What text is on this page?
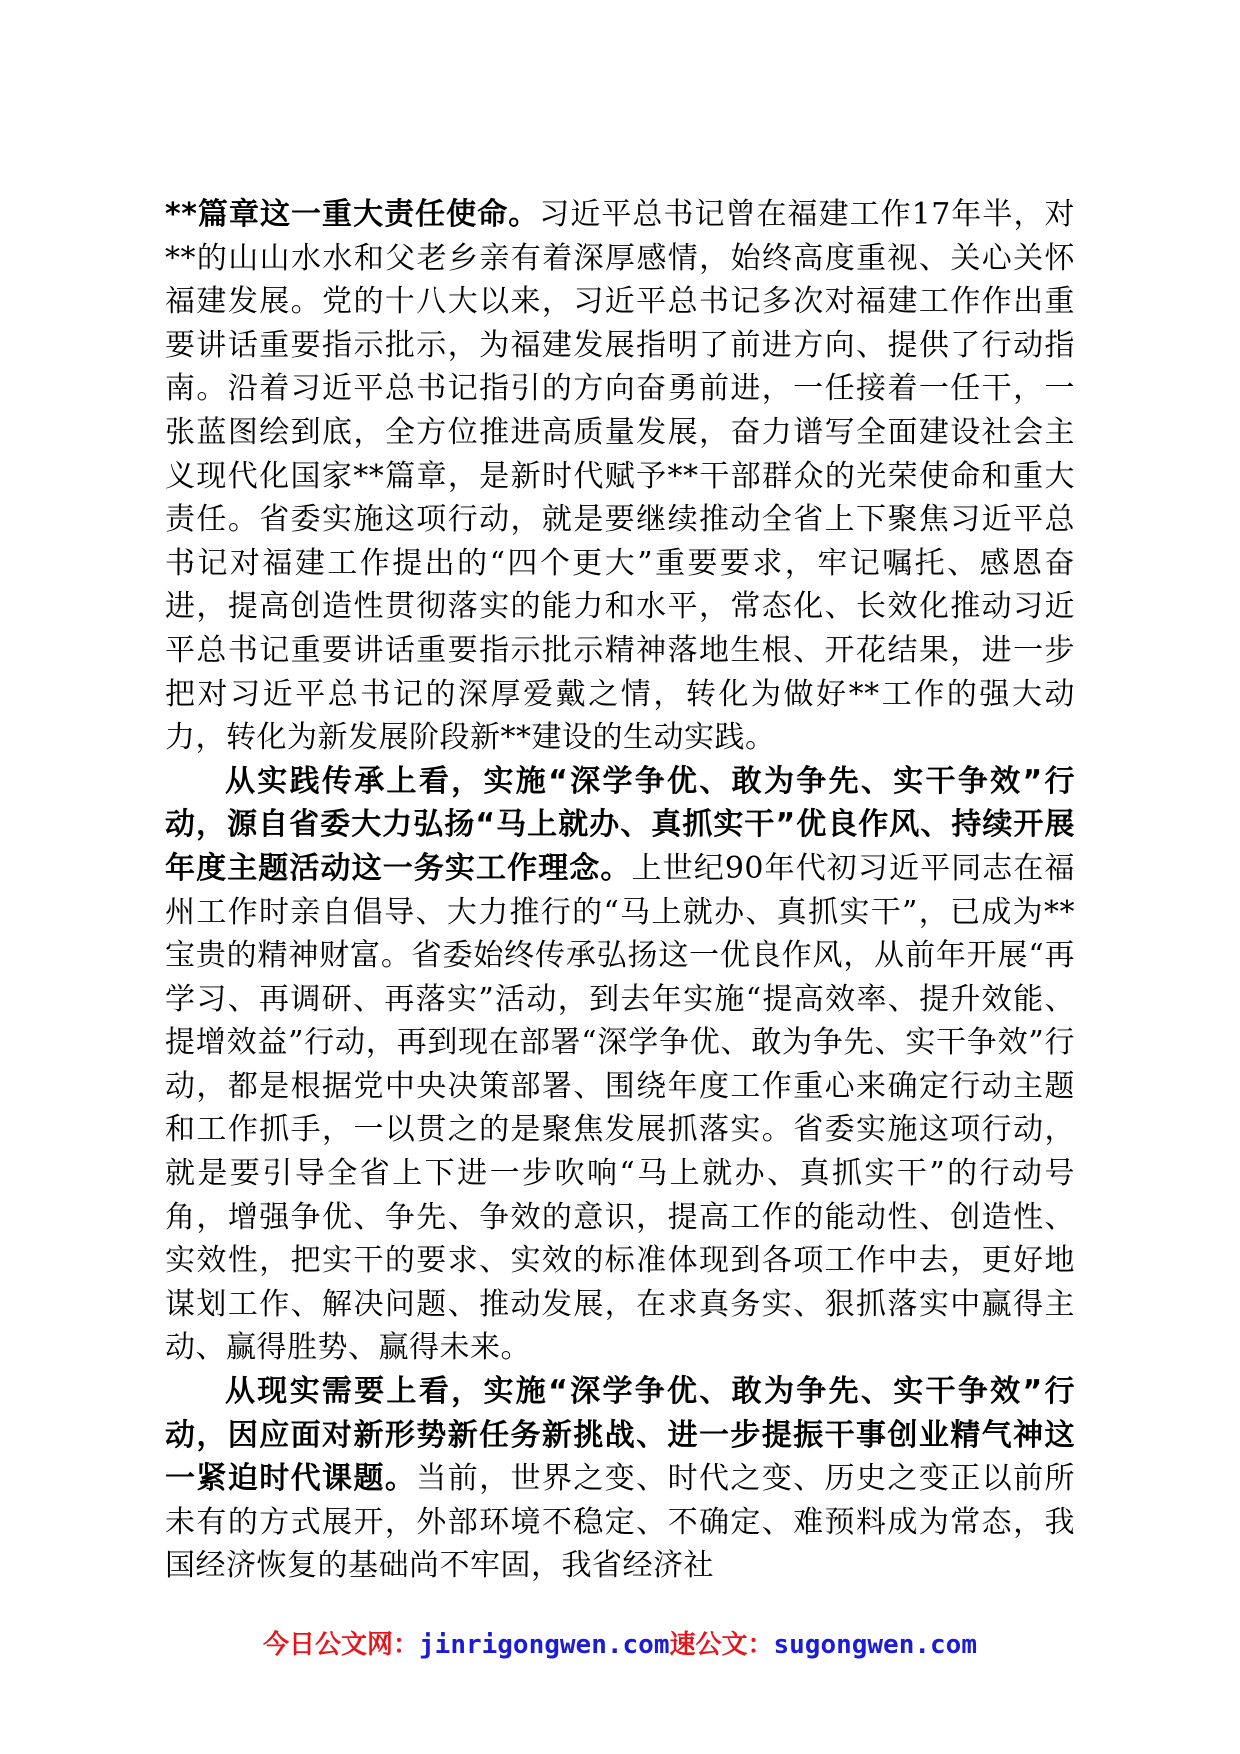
**篇章这一重大责任使命。习近平总书记曾在福建工作17年半，对**的山山水水和父老乡亲有着深厚感情，始终高度重视、关心关怀福建发展。党的十八大以来，习近平总书记多次对福建工作作出重要讲话重要指示批示，为福建发展指明了前进方向、提供了行动指南。沿着习近平总书记指引的方向奋勇前进，一任接着一任干，一张蓝图绘到底，全方位推进高质量发展，奋力谱写全面建设社会主义现代化国家**篇章，是新时代赋予**干部群众的光荣使命和重大责任。省委实施这项行动，就是要继续推动全省上下聚焦习近平总书记对福建工作提出的“四个更大”重要要求，牢记嘱托、感恩奋进，提高创造性贯彻落实的能力和水平，常态化、长效化推动习近平总书记重要讲话重要指示批示精神落地生根、开花结果，进一步把对习近平总书记的深厚爱戴之情，转化为做好**工作的强大动力，转化为新发展阶段新**建设的生动实践。

从实践传承上看，实施“深学争优、敢为争先、实干争效”行动，源自省委大力弘扬“马上就办、真抓实干”优良作风、持续开展年度主题活动这一务实工作理念。上世纪90年代初习近平同志在福州工作时亲自倡导、大力推行的“马上就办、真抓实干”，已成为**宝贵的精神财富。省委始终传承弘扬这一优良作风，从前年开展“再学习、再调研、再落实”活动，到去年实施“提高效率、提升效能、提增效益”行动，再到现在部署“深学争优、敢为争先、实干争效”行动，都是根据党中央决策部署、围绕年度工作重心来确定行动主题和工作抓手，一以贯之的是聚焦发展抓落实。省委实施这项行动，就是要引导全省上下进一步吹响“马上就办、真抓实干”的行动号角，增强争优、争先、争效的意识，提高工作的能动性、创造性、实效性，把实干的要求、实效的标准体现到各项工作中去，更好地谋划工作、解决问题、推动发展，在求真务实、狠抓落实中赢得主动、赢得胜势、赢得未来。

从现实需要上看，实施“深学争优、敢为争先、实干争效”行动，因应面对新形势新任务新挑战、进一步提振干事创业精气神这一紧迫时代课题。当前，世界之变、时代之变、历史之变正以前所未有的方式展开，外部环境不稳定、不确定、难预料成为常态，我国经济恢复的基础尚不牢固，我省经济社

今日公文网：jinrigongwen.com速公文：sugongwen.com
